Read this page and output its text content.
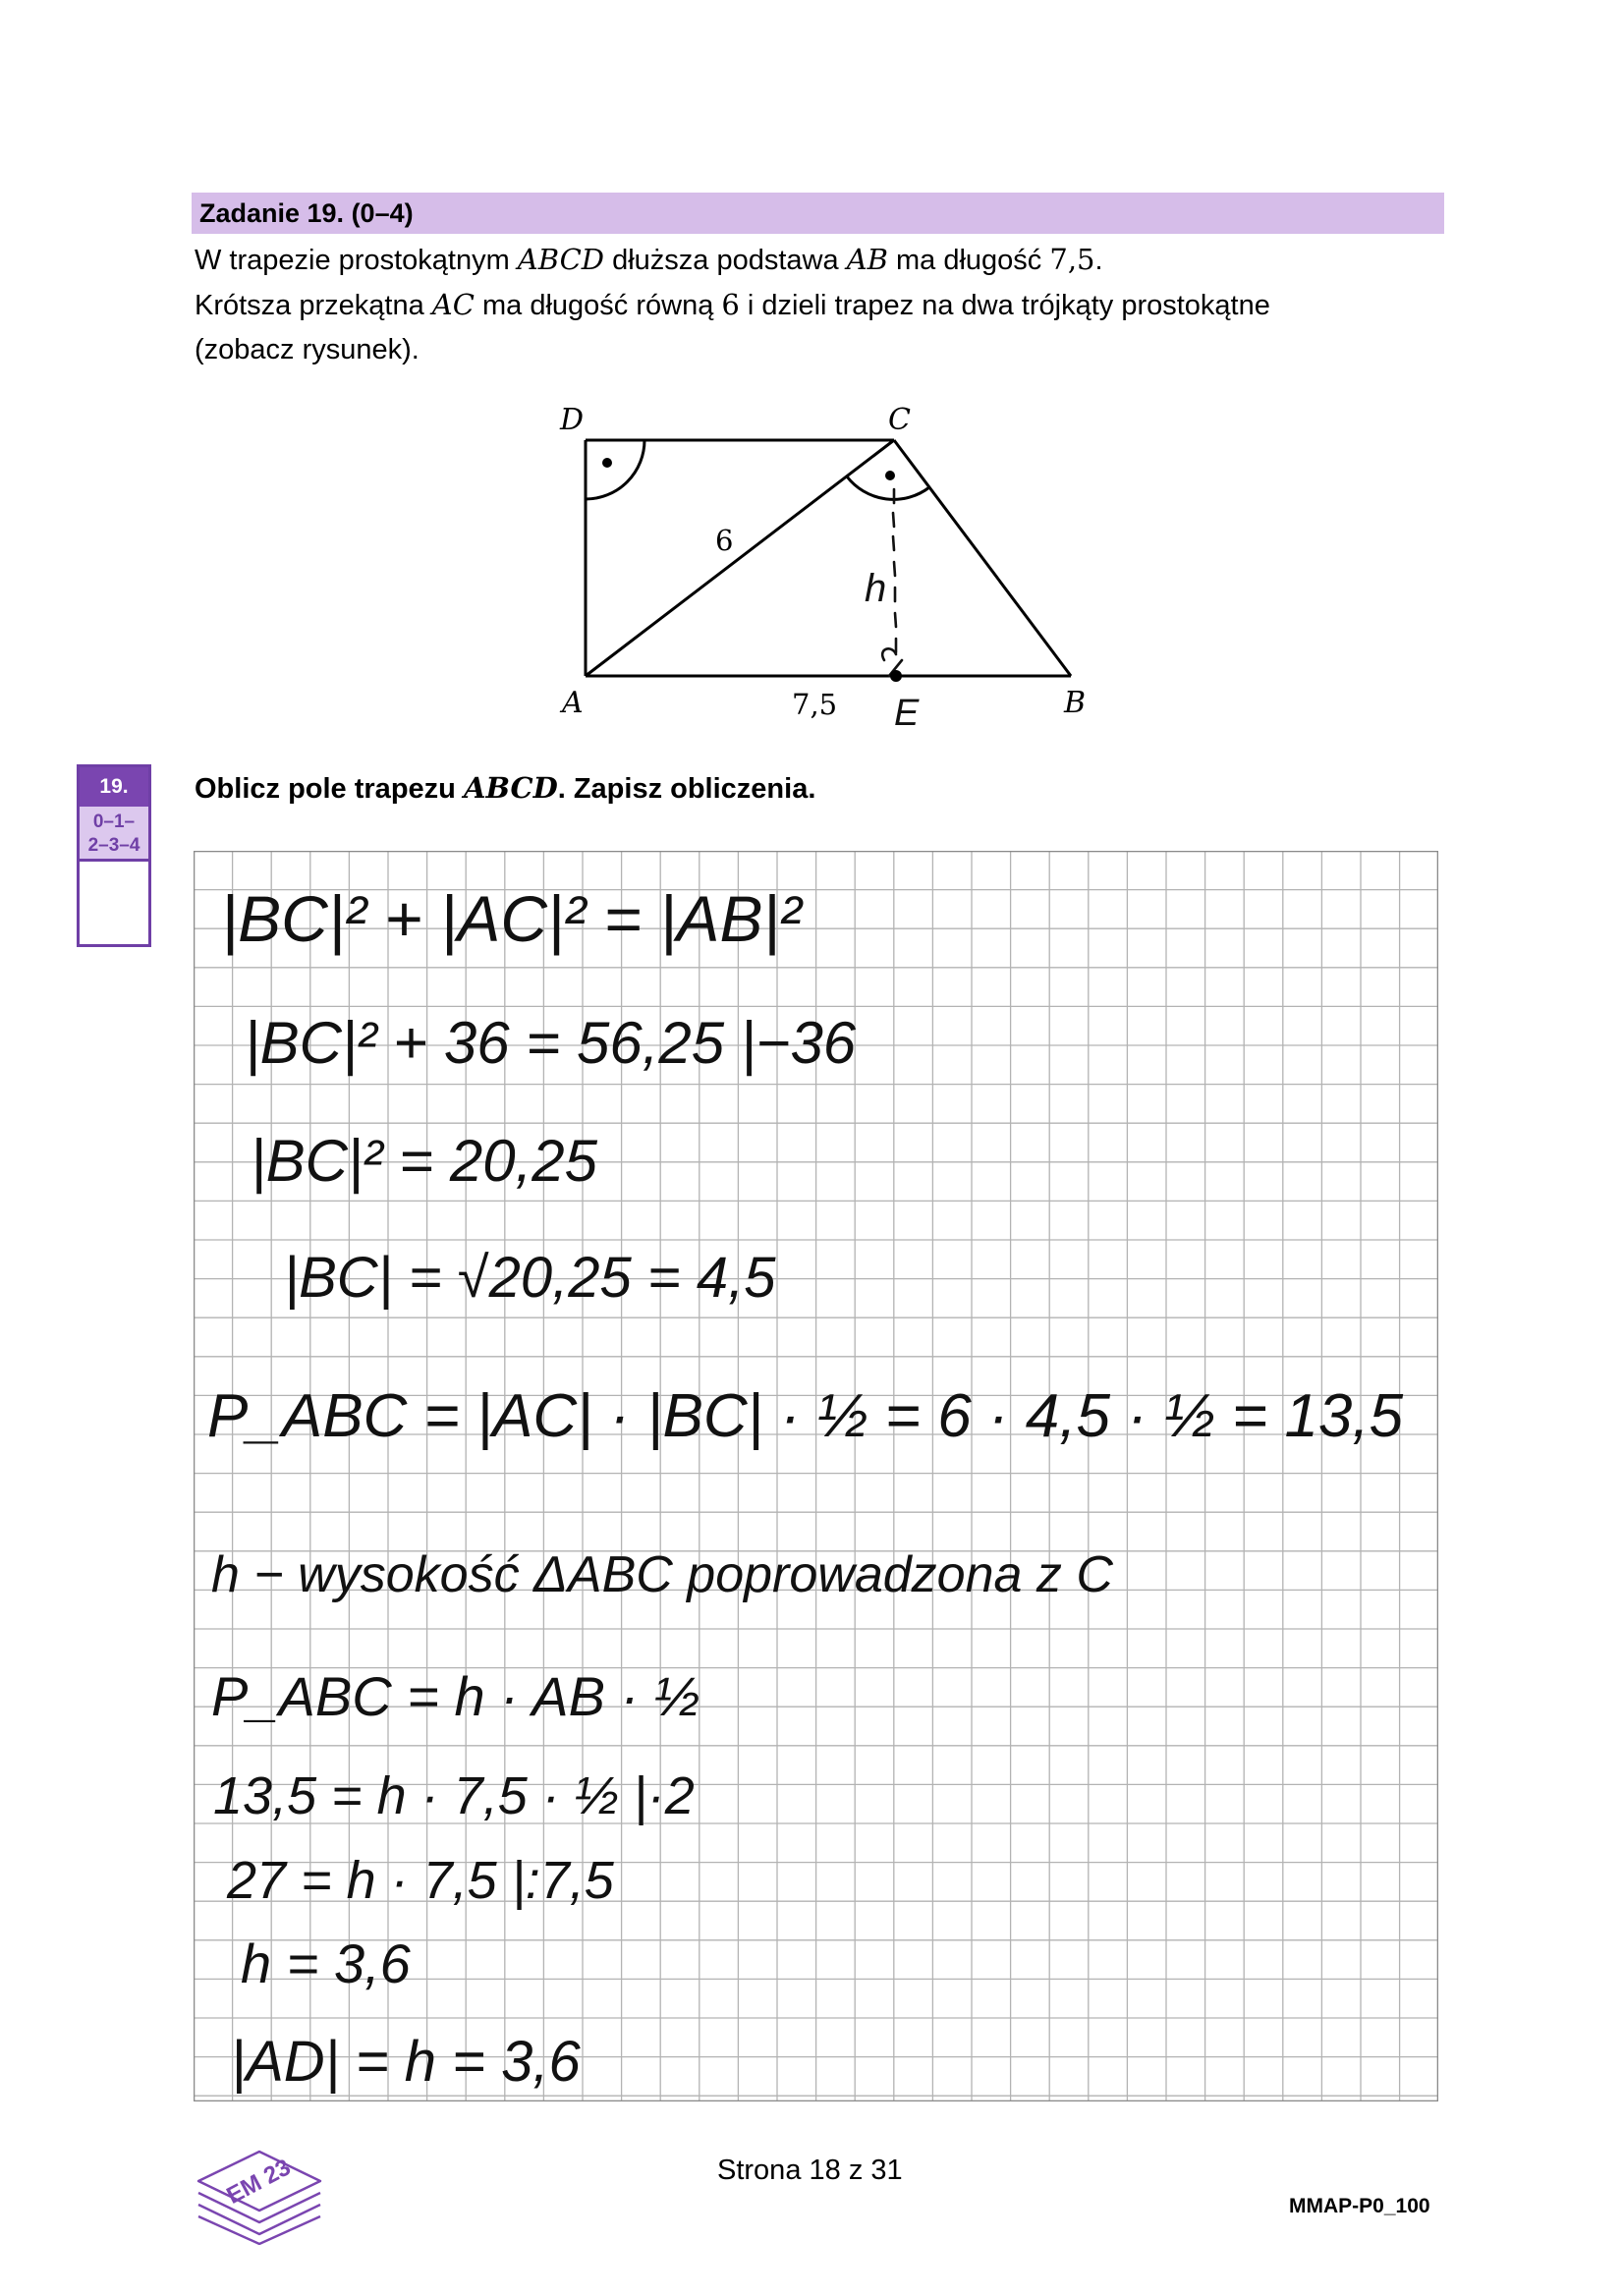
Zadanie 19. (0–4)
W trapezie prostokątnym ABCD dłuższa podstawa AB ma długość 7,5.
Krótsza przekątna AC ma długość równą 6 i dzieli trapez na dwa trójkąty prostokątne
(zobacz rysunek).
D	C
A	B
6
7,5
h
E
19.
0–1–
2–3–4
Oblicz pole trapezu ABCD. Zapisz obliczenia.
|BC|² + |AC|² = |AB|²
|BC|² + 36 = 56,25 |−36
|BC|² = 20,25
|BC| = √20,25 = 4,5
P_ABC = |AC| · |BC| · ½ = 6 · 4,5 · ½ = 13,5
h − wysokość ΔABC poprowadzona z C
P_ABC = h · AB · ½
13,5 = h · 7,5 · ½ |·2
27 = h · 7,5 |:7,5
h = 3,6
|AD| = h = 3,6
EM 23	Strona 18 z 31
MMAP-P0_100
